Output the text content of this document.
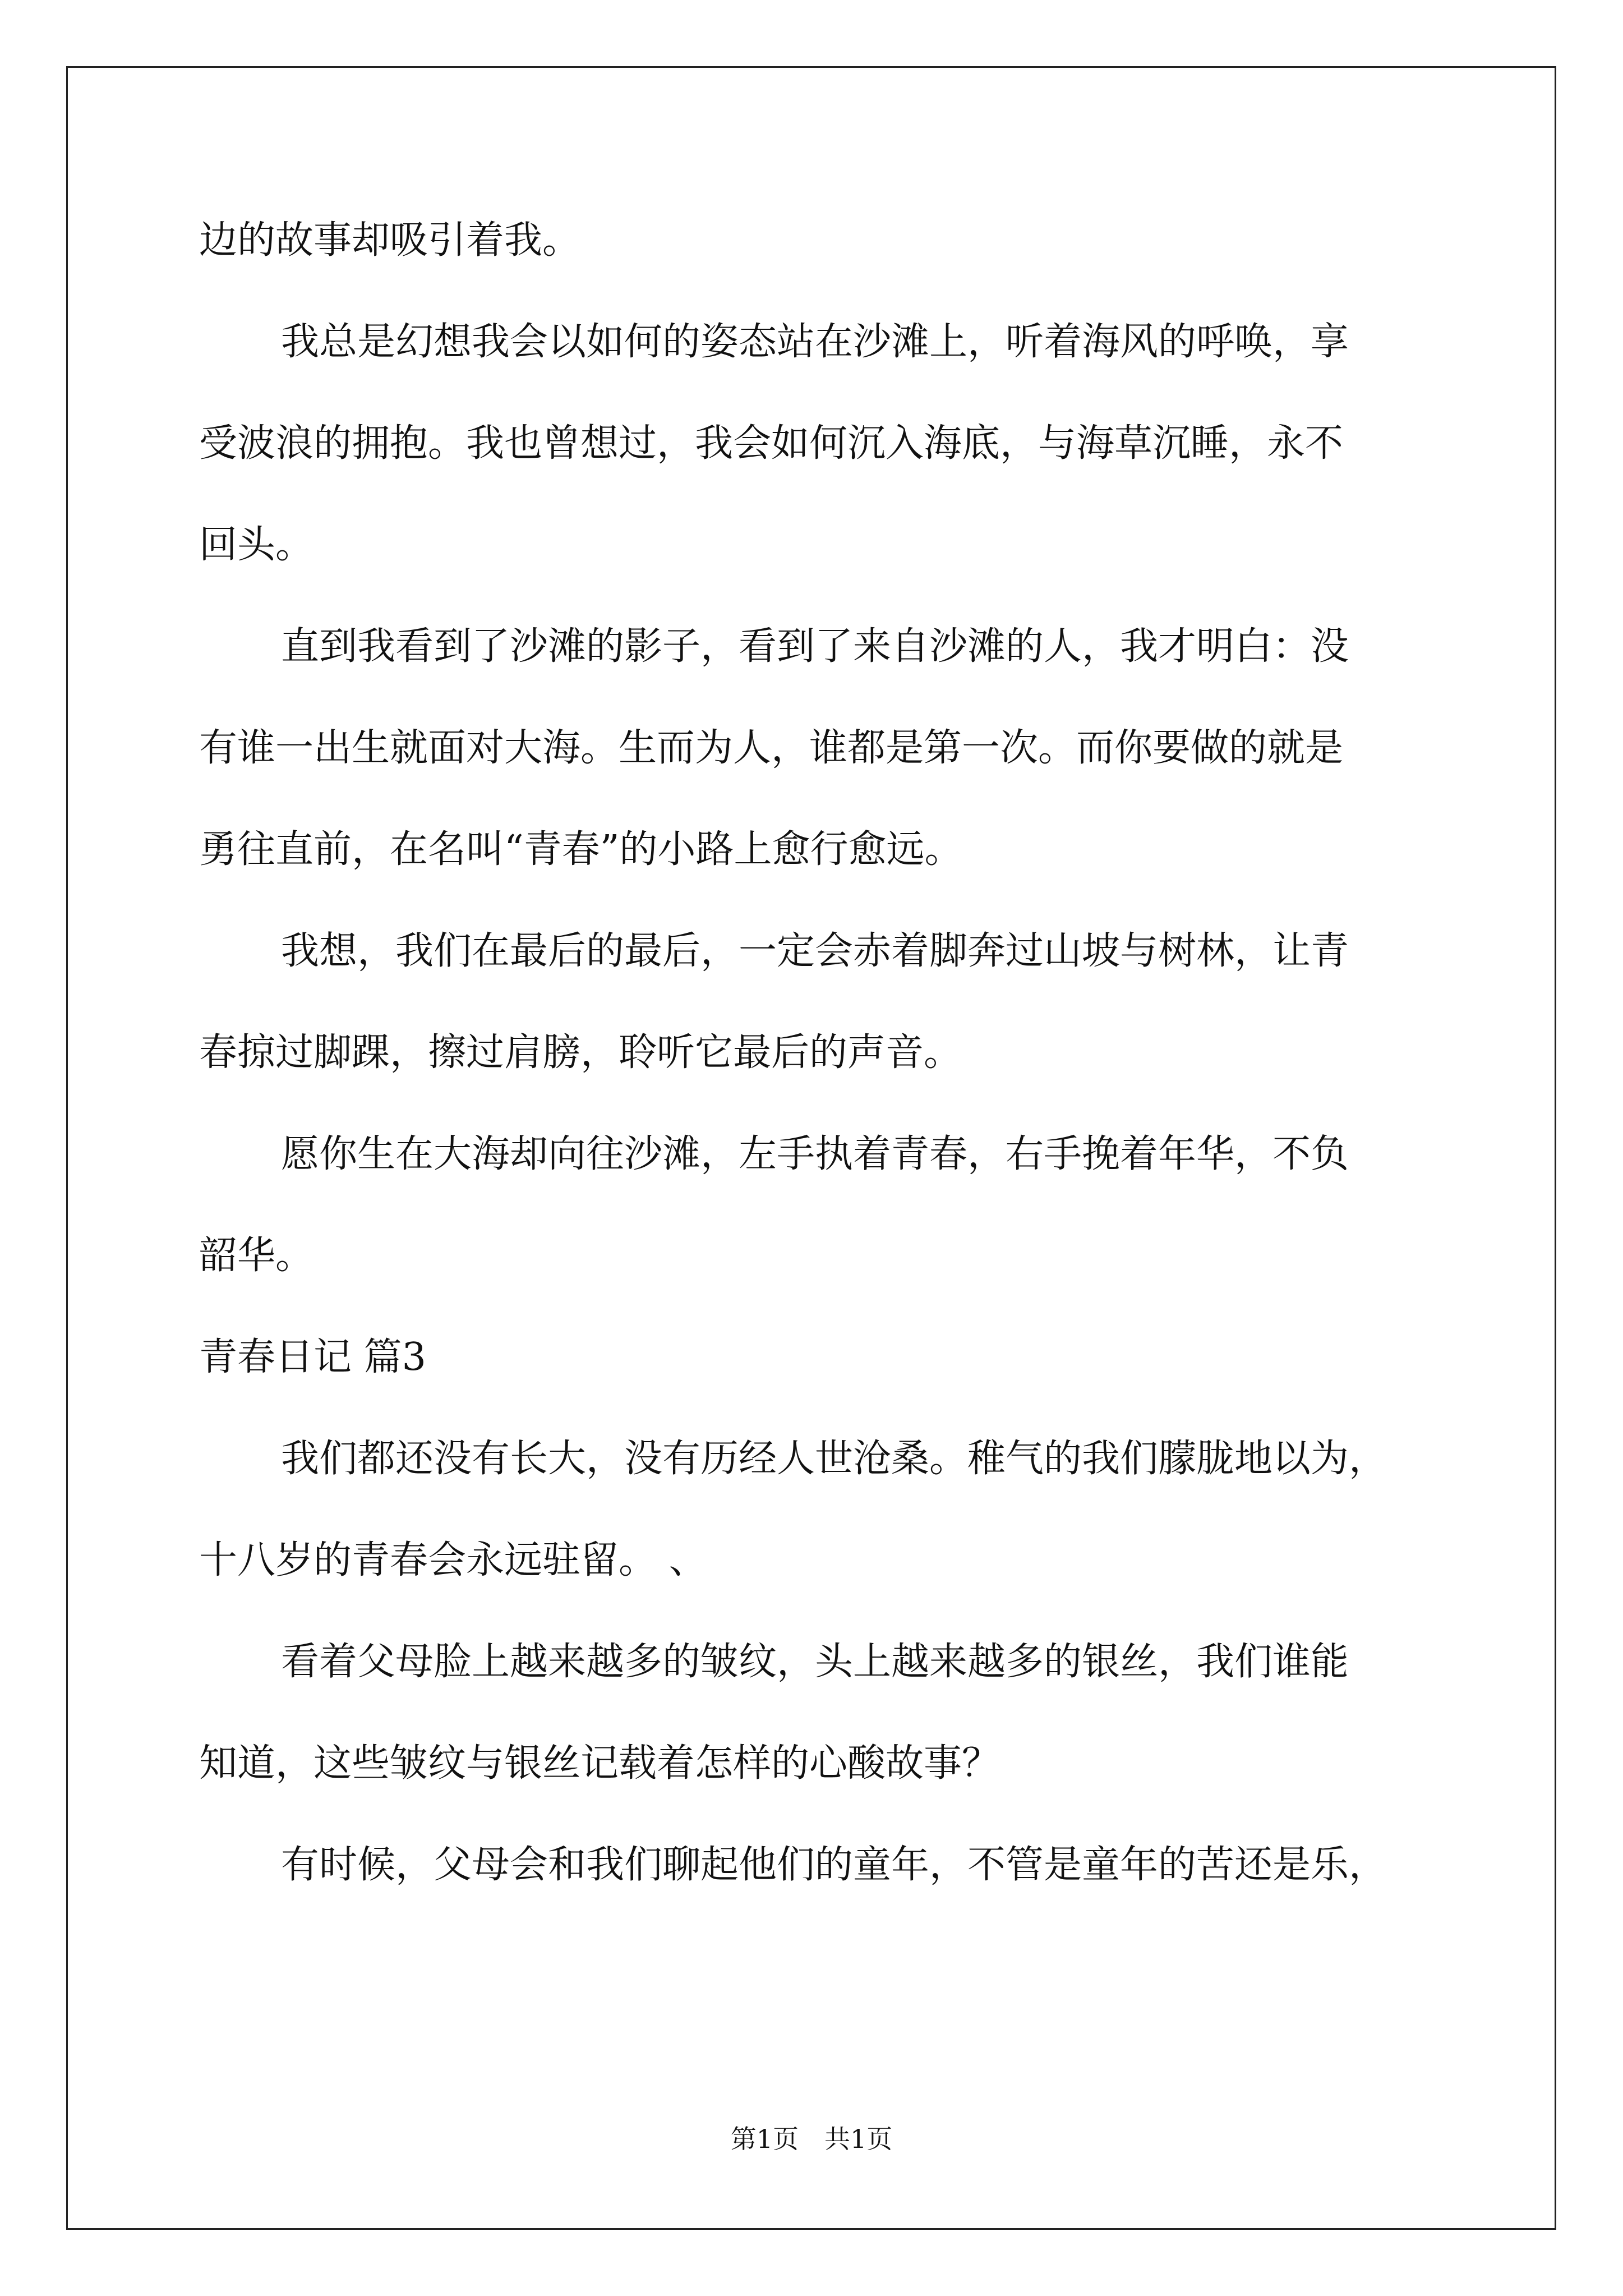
边的故事却吸引着我。
我总是幻想我会以如何的姿态站在沙滩上，听着海风的呼唤，享
受波浪的拥抱。我也曾想过，我会如何沉入海底，与海草沉睡，永不
回头。
直到我看到了沙滩的影子，看到了来自沙滩的人，我才明白：没
有谁一出生就面对大海。生而为人，谁都是第一次。而你要做的就是
勇往直前，在名叫“青春”的小路上愈行愈远。
我想，我们在最后的最后，一定会赤着脚奔过山坡与树林，让青
春掠过脚踝，擦过肩膀，聆听它最后的声音。
愿你生在大海却向往沙滩，左手执着青春，右手挽着年华，不负
韶华。
青春日记 篇3
我们都还没有长大，没有历经人世沧桑。稚气的我们朦胧地以为，
十八岁的青春会永远驻留。 、
看着父母脸上越来越多的皱纹，头上越来越多的银丝，我们谁能
知道，这些皱纹与银丝记载着怎样的心酸故事？
有时候，父母会和我们聊起他们的童年，不管是童年的苦还是乐，
第1页　共1页
